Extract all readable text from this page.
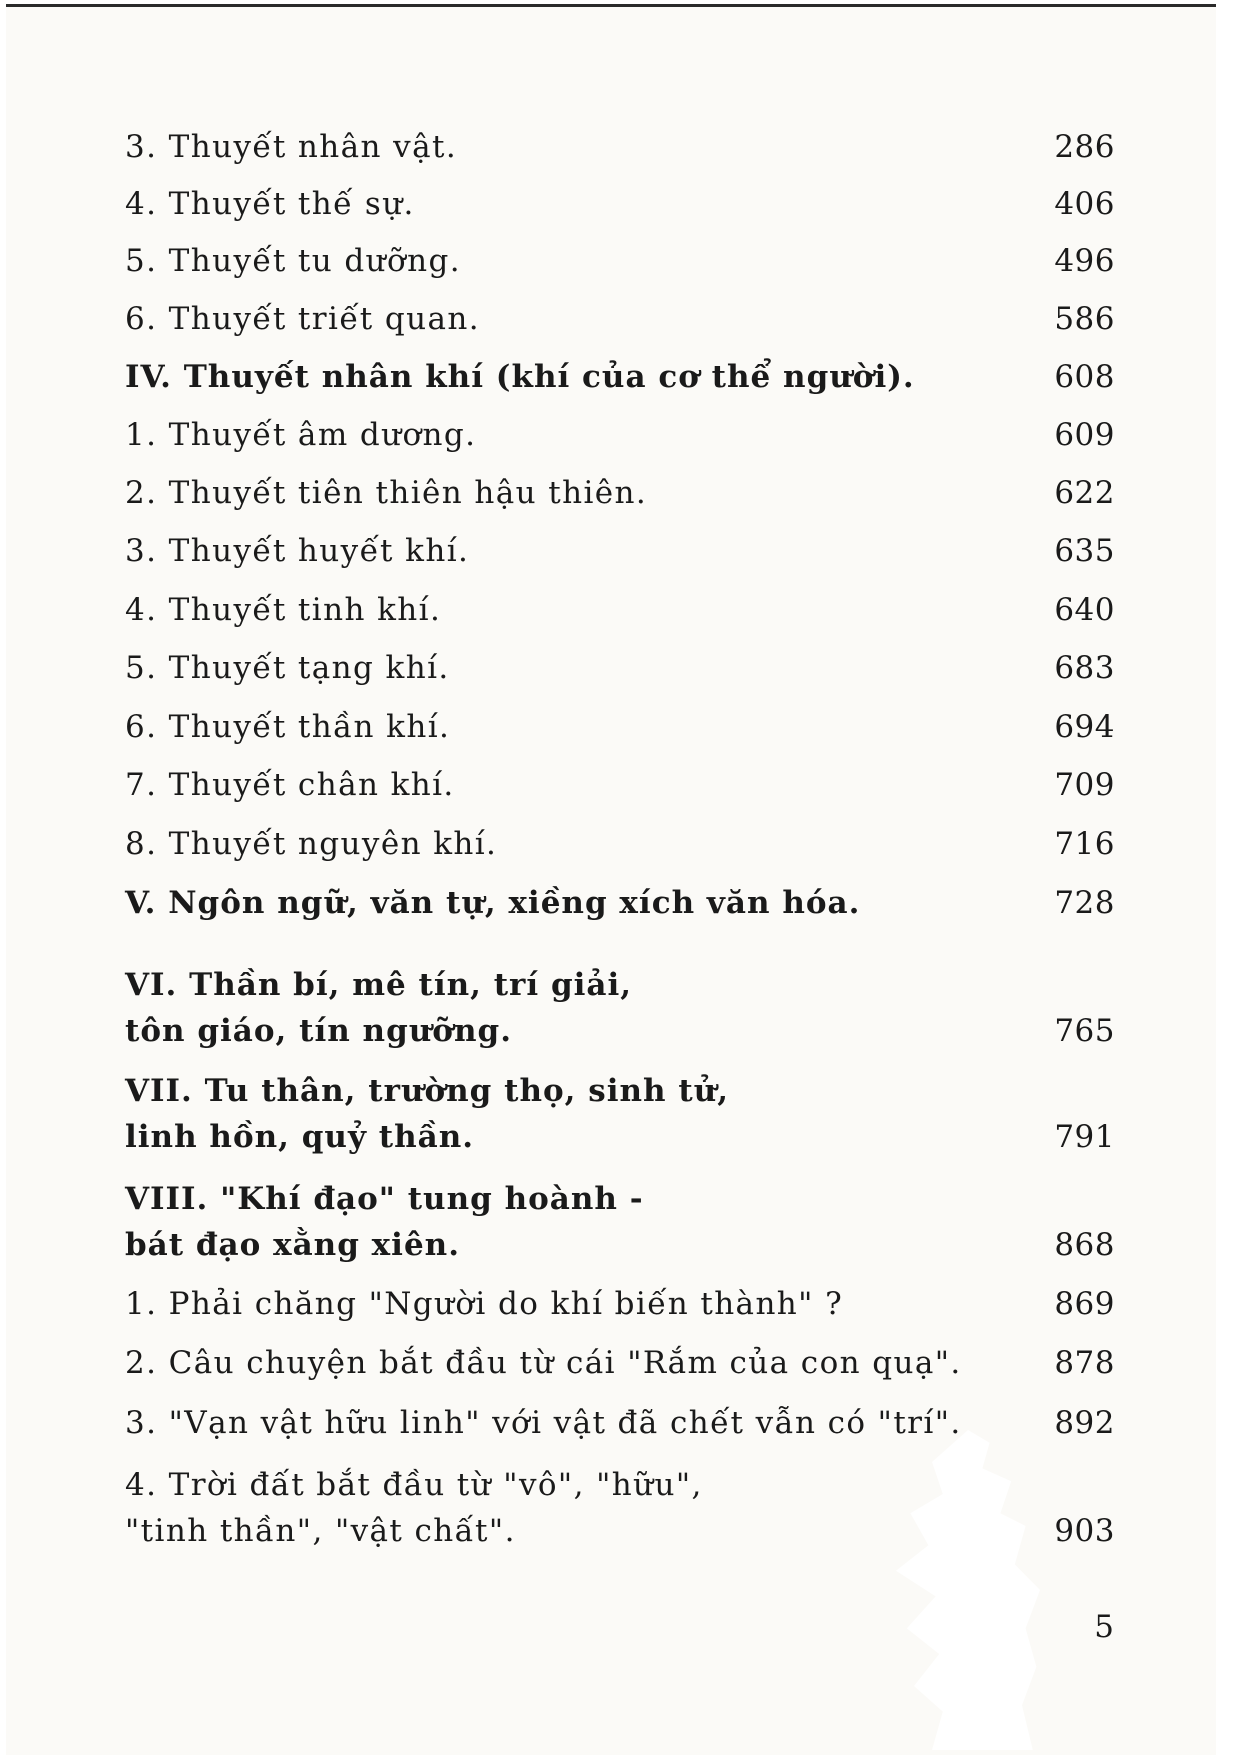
3. Thuyết nhân vật.	286
4. Thuyết thế sự.	406
5. Thuyết tu dưỡng.	496
6. Thuyết triết quan.	586
IV. Thuyết nhân khí (khí của cơ thể người).	608
1. Thuyết âm dương.	609
2. Thuyết tiên thiên hậu thiên.	622
3. Thuyết huyết khí.	635
4. Thuyết tinh khí.	640
5. Thuyết tạng khí.	683
6. Thuyết thần khí.	694
7. Thuyết chân khí.	709
8. Thuyết nguyên khí.	716
V. Ngôn ngữ, văn tự, xiềng xích văn hóa.	728
VI. Thần bí, mê tín, trí giải,
tôn giáo, tín ngưỡng.	765
VII. Tu thân, trường thọ, sinh tử,
linh hồn, quỷ thần.	791
VIII. "Khí đạo" tung hoành -
bát đạo xằng xiên.	868
1. Phải chăng "Người do khí biến thành" ?	869
2. Câu chuyện bắt đầu từ cái "Rắm của con quạ".	878
3. "Vạn vật hữu linh" với vật đã chết vẫn có "trí".	892
4. Trời đất bắt đầu từ "vô", "hữu",
"tinh thần", "vật chất".	903
5
